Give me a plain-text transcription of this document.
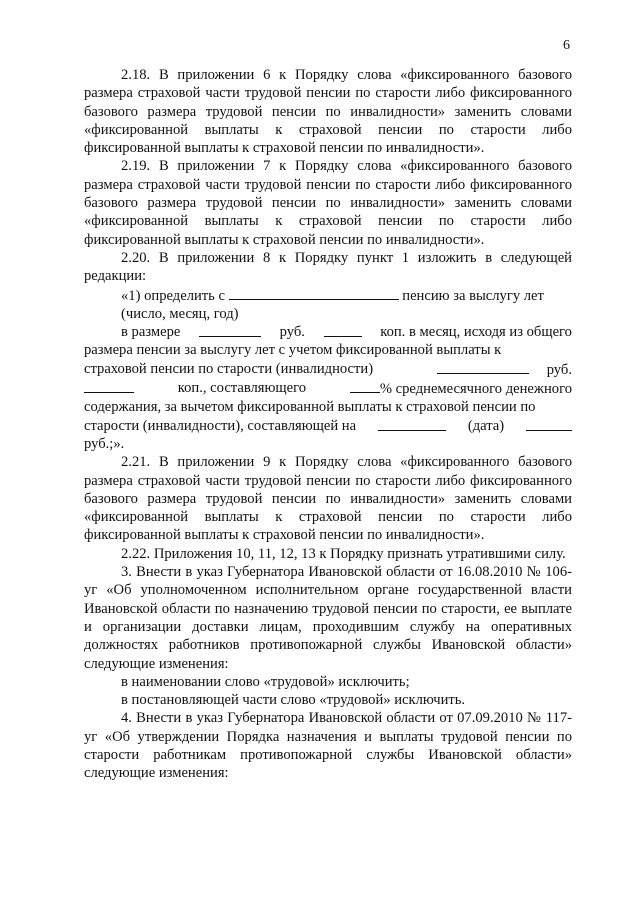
6

2.18. В приложении 6 к Порядку слова «фиксированного базового размера страховой части трудовой пенсии по старости либо фиксированного базового размера трудовой пенсии по инвалидности» заменить словами «фиксированной выплаты к страховой пенсии по старости либо фиксированной выплаты к страховой пенсии по инвалидности».

2.19. В приложении 7 к Порядку слова «фиксированного базового размера страховой части трудовой пенсии по старости либо фиксированного базового размера трудовой пенсии по инвалидности» заменить словами «фиксированной выплаты к страховой пенсии по старости либо фиксированной выплаты к страховой пенсии по инвалидности».

2.20. В приложении 8 к Порядку пункт 1 изложить в следующей редакции:

«1) определить с	пенсию за выслугу лет

(число, месяц, год)

в размере	руб.	коп. в месяц, исходя из общего

размера пенсии за выслугу лет с учетом фиксированной выплаты к

страховой пенсии по старости (инвалидности)	руб.

коп., составляющего	% среднемесячного денежного

содержания, за вычетом фиксированной выплаты к страховой пенсии по

старости (инвалидности), составляющей на	(дата)

руб.;».

2.21. В приложении 9 к Порядку слова «фиксированного базового размера страховой части трудовой пенсии по старости либо фиксированного базового размера трудовой пенсии по инвалидности» заменить словами «фиксированной выплаты к страховой пенсии по старости либо фиксированной выплаты к страховой пенсии по инвалидности».

2.22. Приложения 10, 11, 12, 13 к Порядку признать утратившими силу.

3. Внести в указ Губернатора Ивановской области от 16.08.2010 № 106-уг «Об уполномоченном исполнительном органе государственной власти Ивановской области по назначению трудовой пенсии по старости, ее выплате и организации доставки лицам, проходившим службу на оперативных должностях работников противопожарной службы Ивановской области» следующие изменения:

в наименовании слово «трудовой» исключить;

в постановляющей части слово «трудовой» исключить.

4. Внести в указ Губернатора Ивановской области от 07.09.2010 № 117-уг «Об утверждении Порядка назначения и выплаты трудовой пенсии по старости работникам противопожарной службы Ивановской области» следующие изменения:
